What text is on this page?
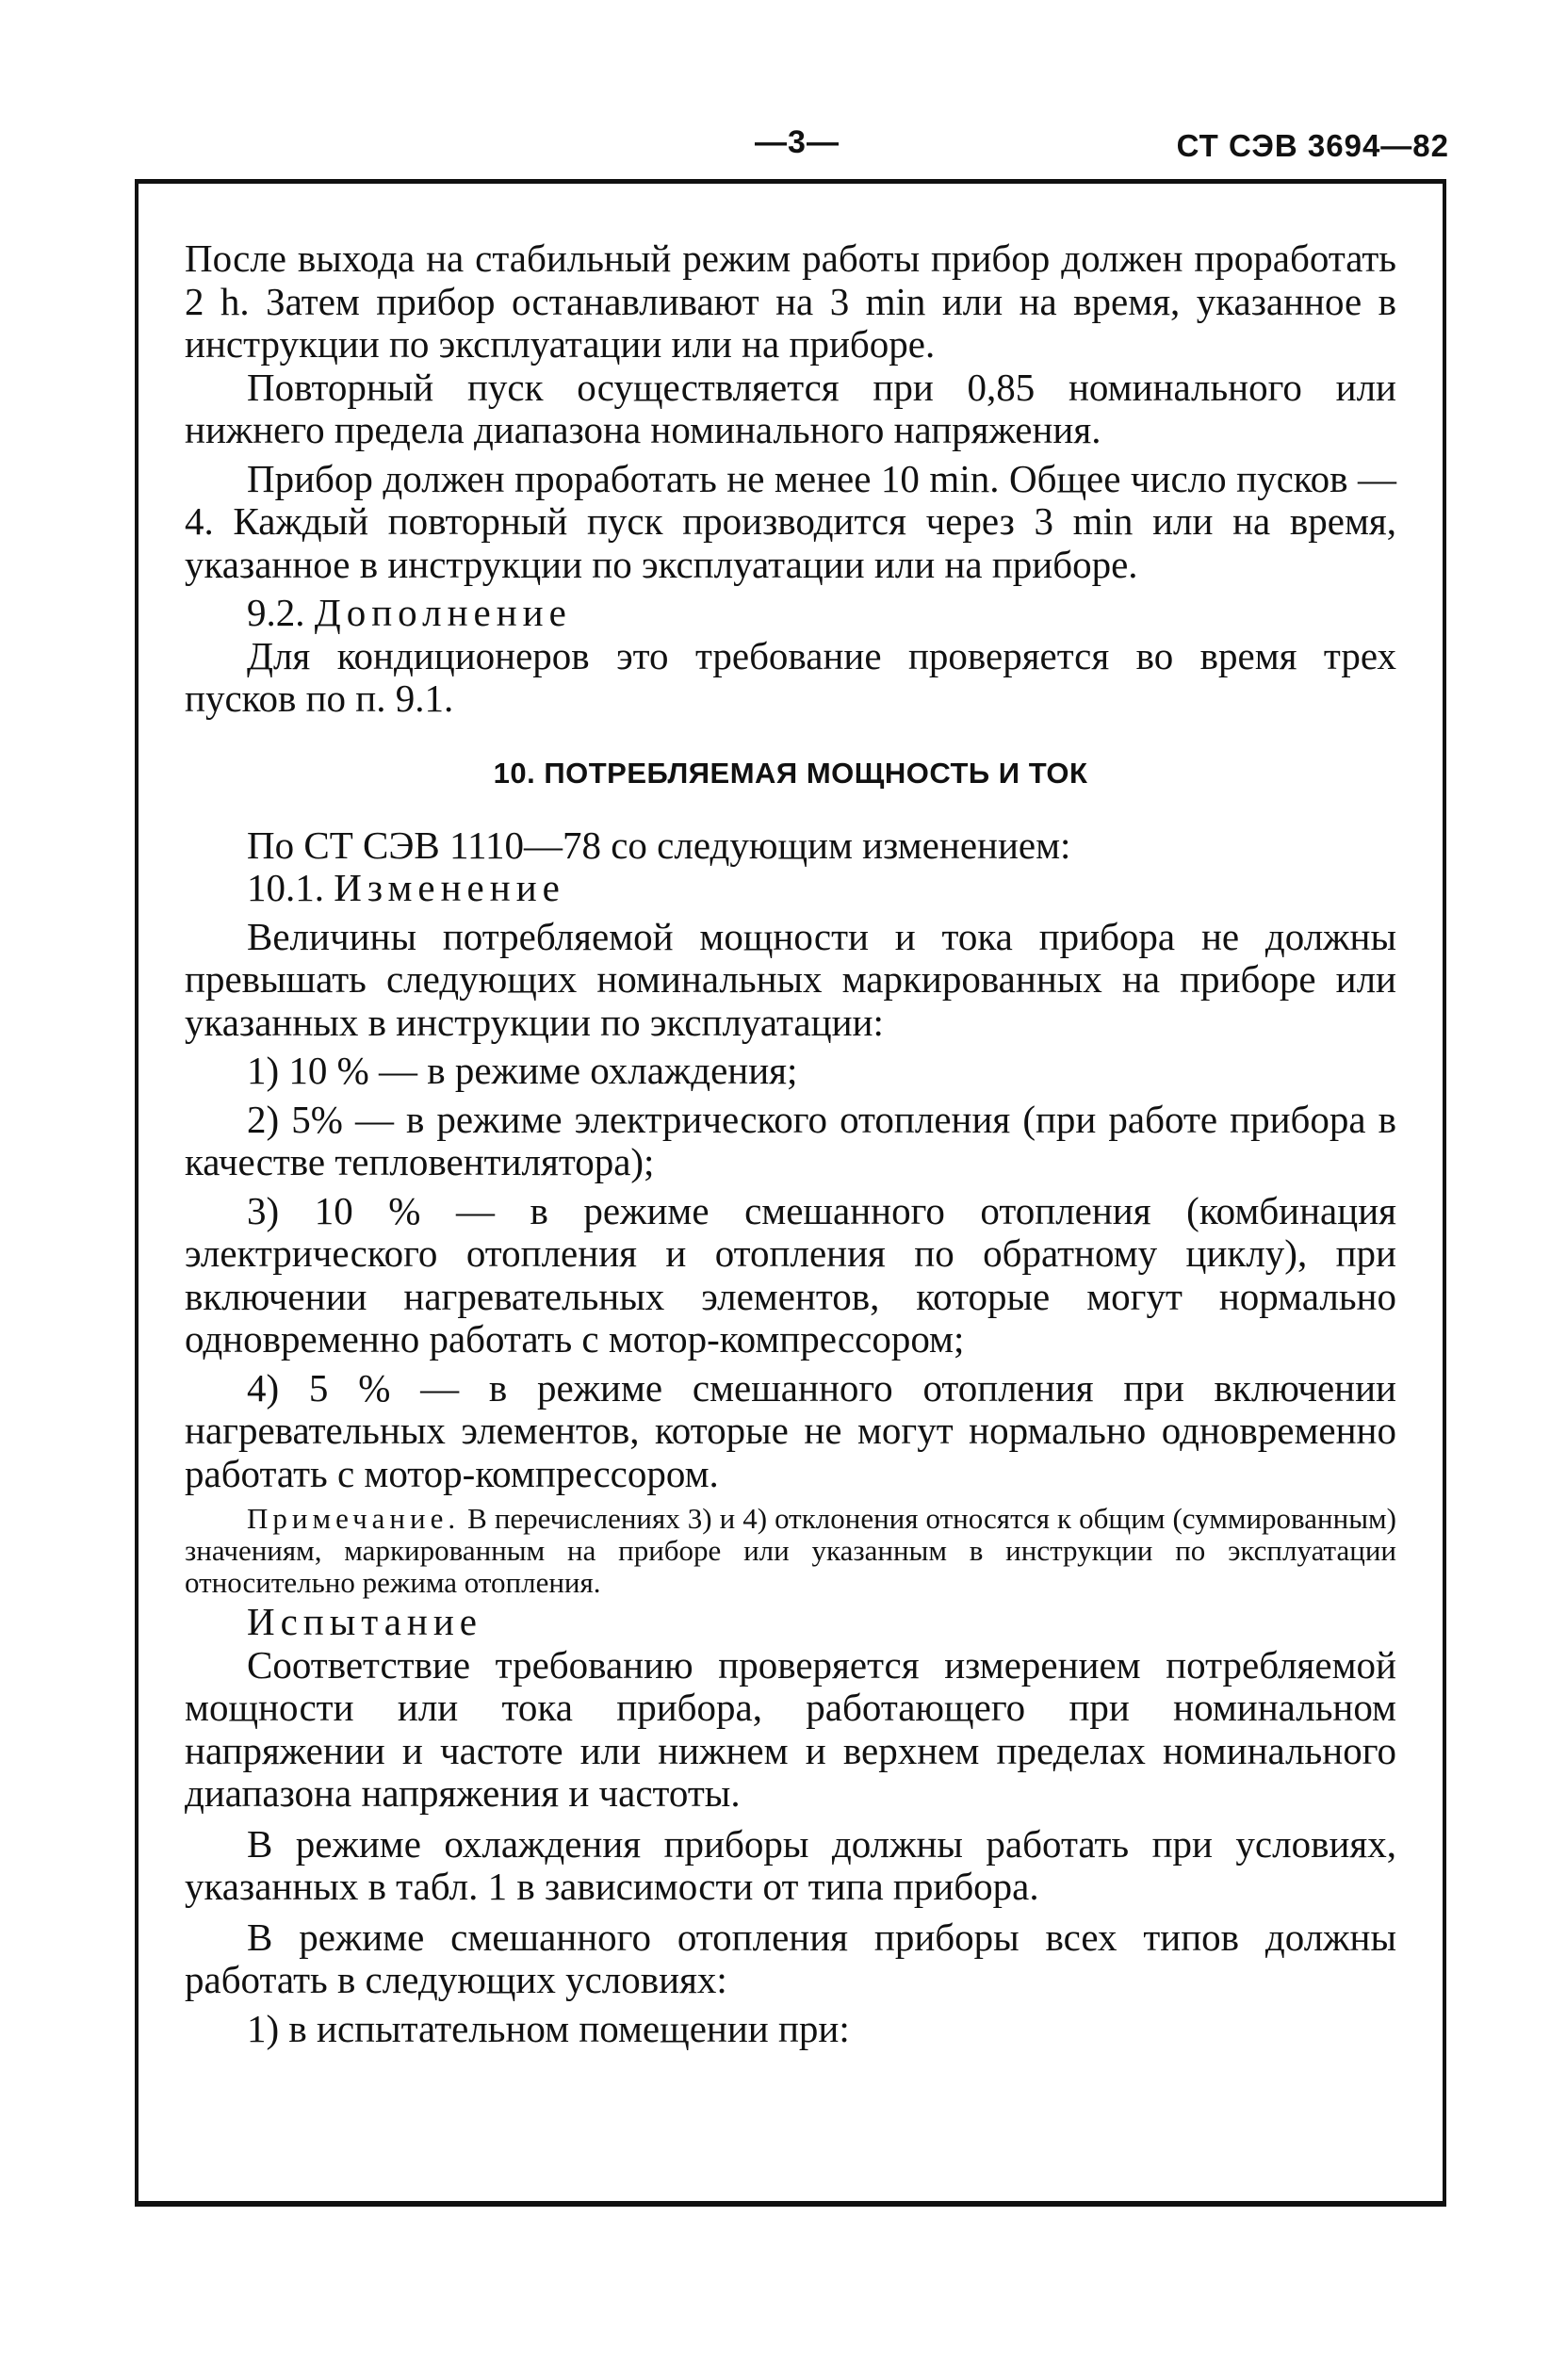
—3—	СТ СЭВ 3694—82

После выхода на стабильный режим работы прибор должен проработать 2 h. Затем прибор останавливают на 3 min или на время, указанное в инструкции по эксплуатации или на приборе.

Повторный пуск осуществляется при 0,85 номинального или нижнего предела диапазона номинального напряжения.

Прибор должен проработать не менее 10 min. Общее число пусков — 4. Каждый повторный пуск производится через 3 min или на время, указанное в инструкции по эксплуатации или на приборе.

9.2. Дополнение

Для кондиционеров это требование проверяется во время трех пусков по п. 9.1.

10. ПОТРЕБЛЯЕМАЯ МОЩНОСТЬ И ТОК

По СТ СЭВ 1110—78 со следующим изменением:

10.1. Изменение

Величины потребляемой мощности и тока прибора не должны превышать следующих номинальных маркированных на приборе или указанных в инструкции по эксплуатации:

1) 10 % — в режиме охлаждения;

2) 5% — в режиме электрического отопления (при работе прибора в качестве тепловентилятора);

3) 10 % — в режиме смешанного отопления (комбинация электрического отопления и отопления по обратному циклу), при включении нагревательных элементов, которые могут нормально одновременно работать с мотор-компрессором;

4) 5 % — в режиме смешанного отопления при включении нагревательных элементов, которые не могут нормально одновременно работать с мотор-компрессором.

Примечание. В перечислениях 3) и 4) отклонения относятся к общим (суммированным) значениям, маркированным на приборе или указанным в инструкции по эксплуатации относительно режима отопления.

Испытание

Соответствие требованию проверяется измерением потребляемой мощности или тока прибора, работающего при номинальном напряжении и частоте или нижнем и верхнем пределах номинального диапазона напряжения и частоты.

В режиме охлаждения приборы должны работать при условиях, указанных в табл. 1 в зависимости от типа прибора.

В режиме смешанного отопления приборы всех типов должны работать в следующих условиях:

1) в испытательном помещении при:
